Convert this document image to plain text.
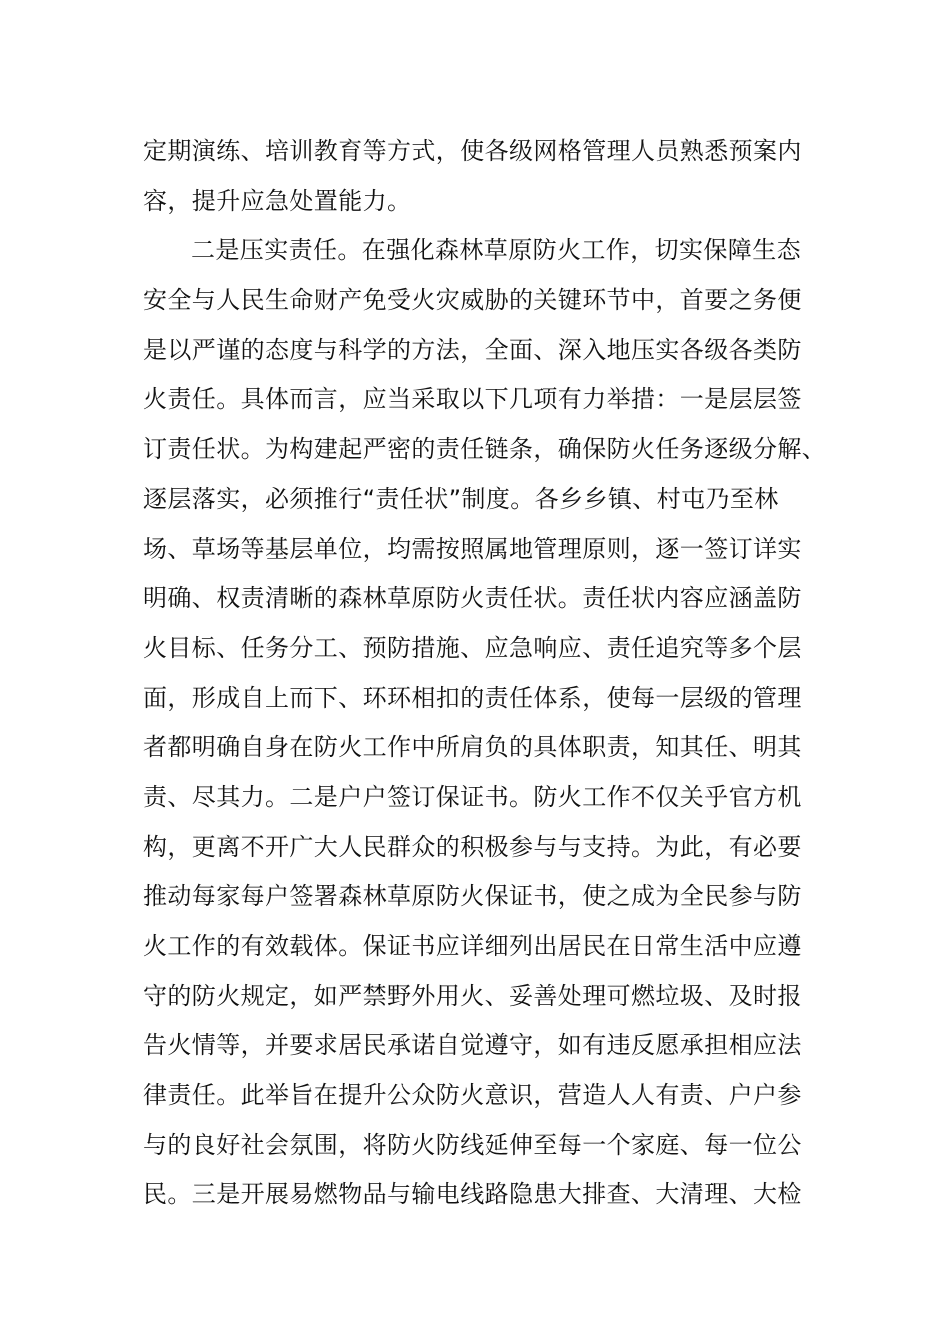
定期演练、培训教育等方式，使各级网格管理人员熟悉预案内
容，提升应急处置能力。
二是压实责任。在强化森林草原防火工作，切实保障生态
安全与人民生命财产免受火灾威胁的关键环节中，首要之务便
是以严谨的态度与科学的方法，全面、深入地压实各级各类防
火责任。具体而言，应当采取以下几项有力举措：一是层层签
订责任状。为构建起严密的责任链条，确保防火任务逐级分解、
逐层落实，必须推行“责任状”制度。各乡乡镇、村屯乃至林
场、草场等基层单位，均需按照属地管理原则，逐一签订详实
明确、权责清晰的森林草原防火责任状。责任状内容应涵盖防
火目标、任务分工、预防措施、应急响应、责任追究等多个层
面，形成自上而下、环环相扣的责任体系，使每一层级的管理
者都明确自身在防火工作中所肩负的具体职责，知其任、明其
责、尽其力。二是户户签订保证书。防火工作不仅关乎官方机
构，更离不开广大人民群众的积极参与与支持。为此，有必要
推动每家每户签署森林草原防火保证书，使之成为全民参与防
火工作的有效载体。保证书应详细列出居民在日常生活中应遵
守的防火规定，如严禁野外用火、妥善处理可燃垃圾、及时报
告火情等，并要求居民承诺自觉遵守，如有违反愿承担相应法
律责任。此举旨在提升公众防火意识，营造人人有责、户户参
与的良好社会氛围，将防火防线延伸至每一个家庭、每一位公
民。三是开展易燃物品与输电线路隐患大排查、大清理、大检
